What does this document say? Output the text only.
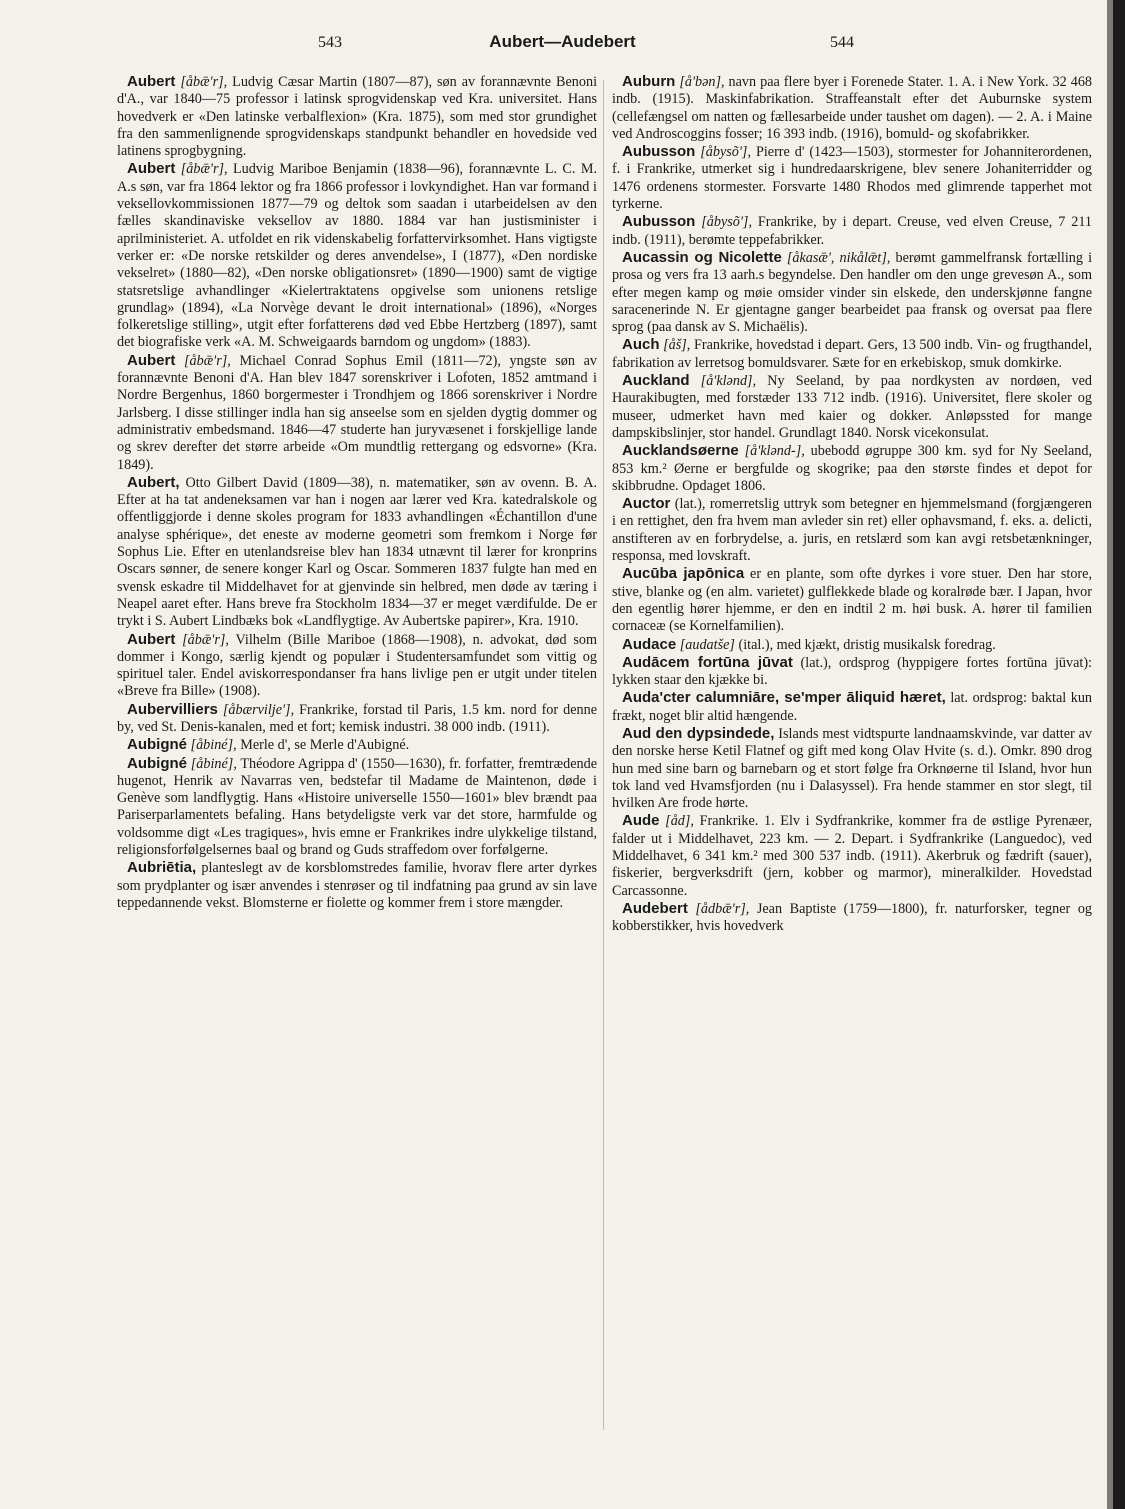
543	Aubert—Audebert	544

Aubert [åbǣ'r], Ludvig Cæsar Martin (1807—87), søn av forannævnte Benoni d'A., var 1840—75 professor i latinsk sprogvidenskap ved Kra. universitet. Hans hovedverk er «Den latinske verbalflexion» (Kra. 1875), som med stor grundighet fra den sammenlignende sprogvidenskaps standpunkt behandler en hovedside ved latinens sprogbygning.

Aubert [åbǣ'r], Ludvig Mariboe Benjamin (1838—96), forannævnte L. C. M. A.s søn, var fra 1864 lektor og fra 1866 professor i lovkyndighet. Han var formand i veksellovkommissionen 1877—79 og deltok som saadan i utarbeidelsen av den fælles skandinaviske veksellov av 1880. 1884 var han justisminister i aprilministeriet. A. utfoldet en rik videnskabelig forfattervirksomhet. Hans vigtigste verker er: «De norske retskilder og deres anvendelse», I (1877), «Den nordiske vekselret» (1880—82), «Den norske obligationsret» (1890—1900) samt de vigtige statsretslige avhandlinger «Kielertraktatens opgivelse som unionens retslige grundlag» (1894), «La Norvège devant le droit international» (1896), «Norges folkeretslige stilling», utgit efter forfatterens død ved Ebbe Hertzberg (1897), samt det biografiske verk «A. M. Schweigaards barndom og ungdom» (1883).

Aubert [åbǣ'r], Michael Conrad Sophus Emil (1811—72), yngste søn av forannævnte Benoni d'A. Han blev 1847 sorenskriver i Lofoten, 1852 amtmand i Nordre Bergenhus, 1860 borgermester i Trondhjem og 1866 sorenskriver i Nordre Jarlsberg. I disse stillinger indla han sig anseelse som en sjelden dygtig dommer og administrativ embedsmand. 1846—47 studerte han juryvæsenet i forskjellige lande og skrev derefter det større arbeide «Om mundtlig rettergang og edsvorne» (Kra. 1849).

Aubert, Otto Gilbert David (1809—38), n. matematiker, søn av ovenn. B. A. Efter at ha tat andeneksamen var han i nogen aar lærer ved Kra. katedralskole og offentliggjorde i denne skoles program for 1833 avhandlingen «Échantillon d'une analyse sphérique», det eneste av moderne geometri som fremkom i Norge før Sophus Lie. Efter en utenlandsreise blev han 1834 utnævnt til lærer for kronprins Oscars sønner, de senere konger Karl og Oscar. Sommeren 1837 fulgte han med en svensk eskadre til Middelhavet for at gjenvinde sin helbred, men døde av tæring i Neapel aaret efter. Hans breve fra Stockholm 1834—37 er meget værdifulde. De er trykt i S. Aubert Lindbæks bok «Landflygtige. Av Aubertske papirer», Kra. 1910.

Aubert [åbǣ'r], Vilhelm (Bille Mariboe (1868—1908), n. advokat, død som dommer i Kongo, særlig kjendt og populær i Studentersamfundet som vittig og spirituel taler. Endel aviskorrespondanser fra hans livlige pen er utgit under titelen «Breve fra Bille» (1908).

Aubervilliers [åbærvilje'], Frankrike, forstad til Paris, 1.5 km. nord for denne by, ved St. Denis-kanalen, med et fort; kemisk industri. 38 000 indb. (1911).

Aubigné [åbiné], Merle d', se Merle d'Aubigné.

Aubigné [åbiné], Théodore Agrippa d' (1550—1630), fr. forfatter, fremtrædende hugenot, Henrik av Navarras ven, bedstefar til Madame de Maintenon, døde i Genève som landflygtig. Hans «Histoire universelle 1550—1601» blev brændt paa Pariserparlamentets befaling. Hans betydeligste verk var det store, harmfulde og voldsomme digt «Les tragiques», hvis emne er Frankrikes indre ulykkelige tilstand, religionsforfølgelsernes baal og brand og Guds straffedom over forfølgerne.

Aubriētia, planteslegt av de korsblomstredes familie, hvorav flere arter dyrkes som prydplanter og især anvendes i stenrøser og til indfatning paa grund av sin lave teppedannende vekst. Blomsterne er fiolette og kommer frem i store mængder.

Auburn [å'bən], navn paa flere byer i Forenede Stater. 1. A. i New York. 32 468 indb. (1915). Maskinfabrikation. Straffeanstalt efter det Auburnske system (cellefængsel om natten og fællesarbeide under taushet om dagen). — 2. A. i Maine ved Androscoggins fosser; 16 393 indb. (1916), bomuld- og skofabrikker.

Aubusson [åbysõ'], Pierre d' (1423—1503), stormester for Johanniterordenen, f. i Frankrike, utmerket sig i hundredaarskrigene, blev senere Johaniterridder og 1476 ordenens stormester. Forsvarte 1480 Rhodos med glimrende tapperhet mot tyrkerne.

Aubusson [åbysõ'], Frankrike, by i depart. Creuse, ved elven Creuse, 7 211 indb. (1911), berømte teppefabrikker.

Aucassin og Nicolette [åkasǣ', nikålǣt], berømt gammelfransk fortælling i prosa og vers fra 13 aarh.s begyndelse. Den handler om den unge grevesøn A., som efter megen kamp og møie omsider vinder sin elskede, den underskjønne fangne saracenerinde N. Er gjentagne ganger bearbeidet paa fransk og oversat paa flere sprog (paa dansk av S. Michaëlis).

Auch [åš], Frankrike, hovedstad i depart. Gers, 13 500 indb. Vin- og frugthandel, fabrikation av lerretsog bomuldsvarer. Sæte for en erkebiskop, smuk domkirke.

Auckland [å'klənd], Ny Seeland, by paa nordkysten av nordøen, ved Haurakibugten, med forstæder 133 712 indb. (1916). Universitet, flere skoler og museer, udmerket havn med kaier og dokker. Anløpssted for mange dampskibslinjer, stor handel. Grundlagt 1840. Norsk vicekonsulat.

Aucklandsøerne [å'klənd-], ubebodd øgruppe 300 km. syd for Ny Seeland, 853 km.² Øerne er bergfulde og skogrike; paa den største findes et depot for skibbrudne. Opdaget 1806.

Auctor (lat.), romerretslig uttryk som betegner en hjemmelsmand (forgjængeren i en rettighet, den fra hvem man avleder sin ret) eller ophavsmand, f. eks. a. delicti, anstifteren av en forbrydelse, a. juris, en retslærd som kan avgi retsbetænkninger, responsa, med lovskraft.

Aucūba japōnica er en plante, som ofte dyrkes i vore stuer. Den har store, stive, blanke og (en alm. varietet) gulflekkede blade og koralrøde bær. I Japan, hvor den egentlig hører hjemme, er den en indtil 2 m. høi busk. A. hører til familien cornaceæ (se Kornelfamilien).

Audace [audatše] (ital.), med kjækt, dristig musikalsk foredrag.

Audācem fortūna jūvat (lat.), ordsprog (hyppigere fortes fortūna jūvat): lykken staar den kjække bi.

Auda'cter calumniāre, se'mper āliquid hæret, lat. ordsprog: baktal kun frækt, noget blir altid hængende.

Aud den dypsindede, Islands mest vidtspurte landnaamskvinde, var datter av den norske herse Ketil Flatnef og gift med kong Olav Hvite (s. d.). Omkr. 890 drog hun med sine barn og barnebarn og et stort følge fra Orknøerne til Island, hvor hun tok land ved Hvamsfjorden (nu i Dalasyssel). Fra hende stammer en stor slegt, til hvilken Are frode hørte.

Aude [åd], Frankrike. 1. Elv i Sydfrankrike, kommer fra de østlige Pyrenæer, falder ut i Middelhavet, 223 km. — 2. Depart. i Sydfrankrike (Languedoc), ved Middelhavet, 6 341 km.² med 300 537 indb. (1911). Akerbruk og fædrift (sauer), fiskerier, bergverksdrift (jern, kobber og marmor), mineralkilder. Hovedstad Carcassonne.

Audebert [ådbǣ'r], Jean Baptiste (1759—1800), fr. naturforsker, tegner og kobberstikker, hvis hovedverk
